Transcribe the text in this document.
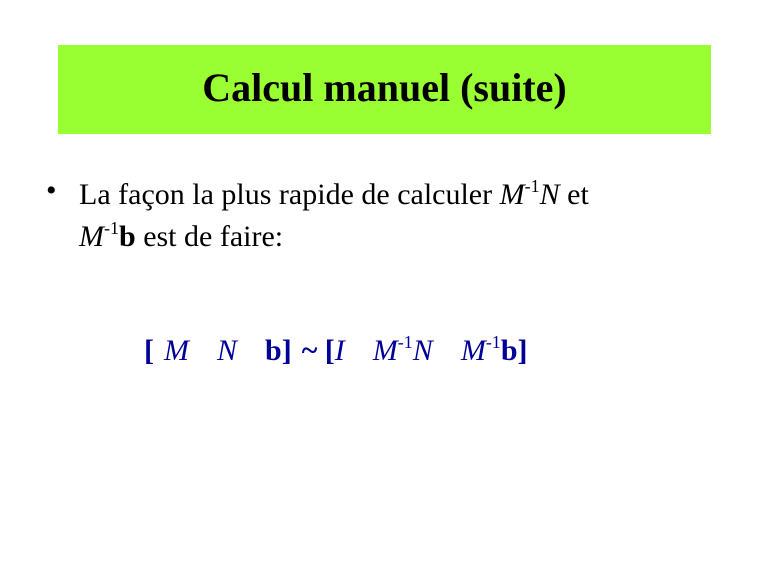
Calcul manuel (suite)
• La façon la plus rapide de calculer $M^{-1}N$ et
$M^{-1}b$ est de faire:
[ M N b] ~ [I $M^{-1}N$ $M^{-1}b$]
